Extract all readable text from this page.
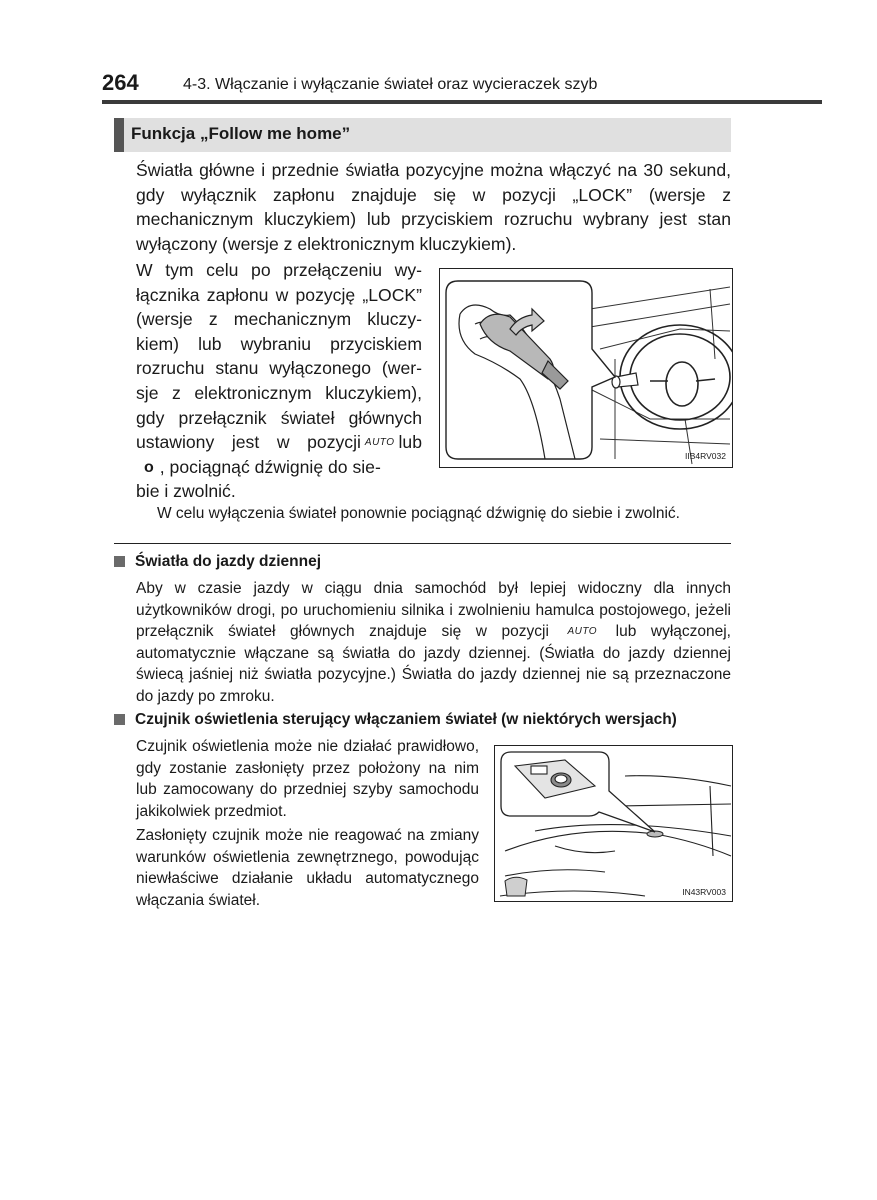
264	4-3. Włączanie i wyłączanie świateł oraz wycieraczek szyb
Funkcja „Follow me home”
Światła główne i przednie światła pozycyjne można włączyć na 30 sekund, gdy wyłącznik zapłonu znajduje się w pozycji „LOCK” (wersje z mechanicznym kluczykiem) lub przyciskiem rozruchu wybrany jest stan wyłączony (wersje z elektronicznym kluczykiem).
W tym celu po przełączeniu wy-
łącznika zapłonu w pozycję „LOCK”
(wersje z mechanicznym kluczy-
kiem) lub wybraniu przyciskiem
rozruchu stanu wyłączonego (wer-
sje z elektronicznym kluczykiem),
gdy przełącznik świateł głównych
ustawiony jest w pozycji AUTO lub
o , pociągnąć dźwignię do sie-
bie i zwolnić.
IIB4RV032
W celu wyłączenia świateł ponownie pociągnąć dźwignię do siebie i zwolnić.
Światła do jazdy dziennej
Aby w czasie jazdy w ciągu dnia samochód był lepiej widoczny dla innych użytkowników drogi, po uruchomieniu silnika i zwolnieniu hamulca postojowego, jeżeli przełącznik świateł głównych znajduje się w pozycji AUTO lub wyłączonej, automatycznie włączane są światła do jazdy dziennej. (Światła do jazdy dziennej świecą jaśniej niż światła pozycyjne.) Światła do jazdy dziennej nie są przeznaczone do jazdy po zmroku.
Czujnik oświetlenia sterujący włączaniem świateł (w niektórych wersjach)
Czujnik oświetlenia może nie działać prawidłowo, gdy zostanie zasłonięty przez położony na nim lub zamocowany do przedniej szyby samochodu jakikolwiek przedmiot.
Zasłonięty czujnik może nie reagować na zmiany warunków oświetlenia zewnętrznego, powodując niewłaściwe działanie układu automatycznego włączania świateł.	IN43RV003
